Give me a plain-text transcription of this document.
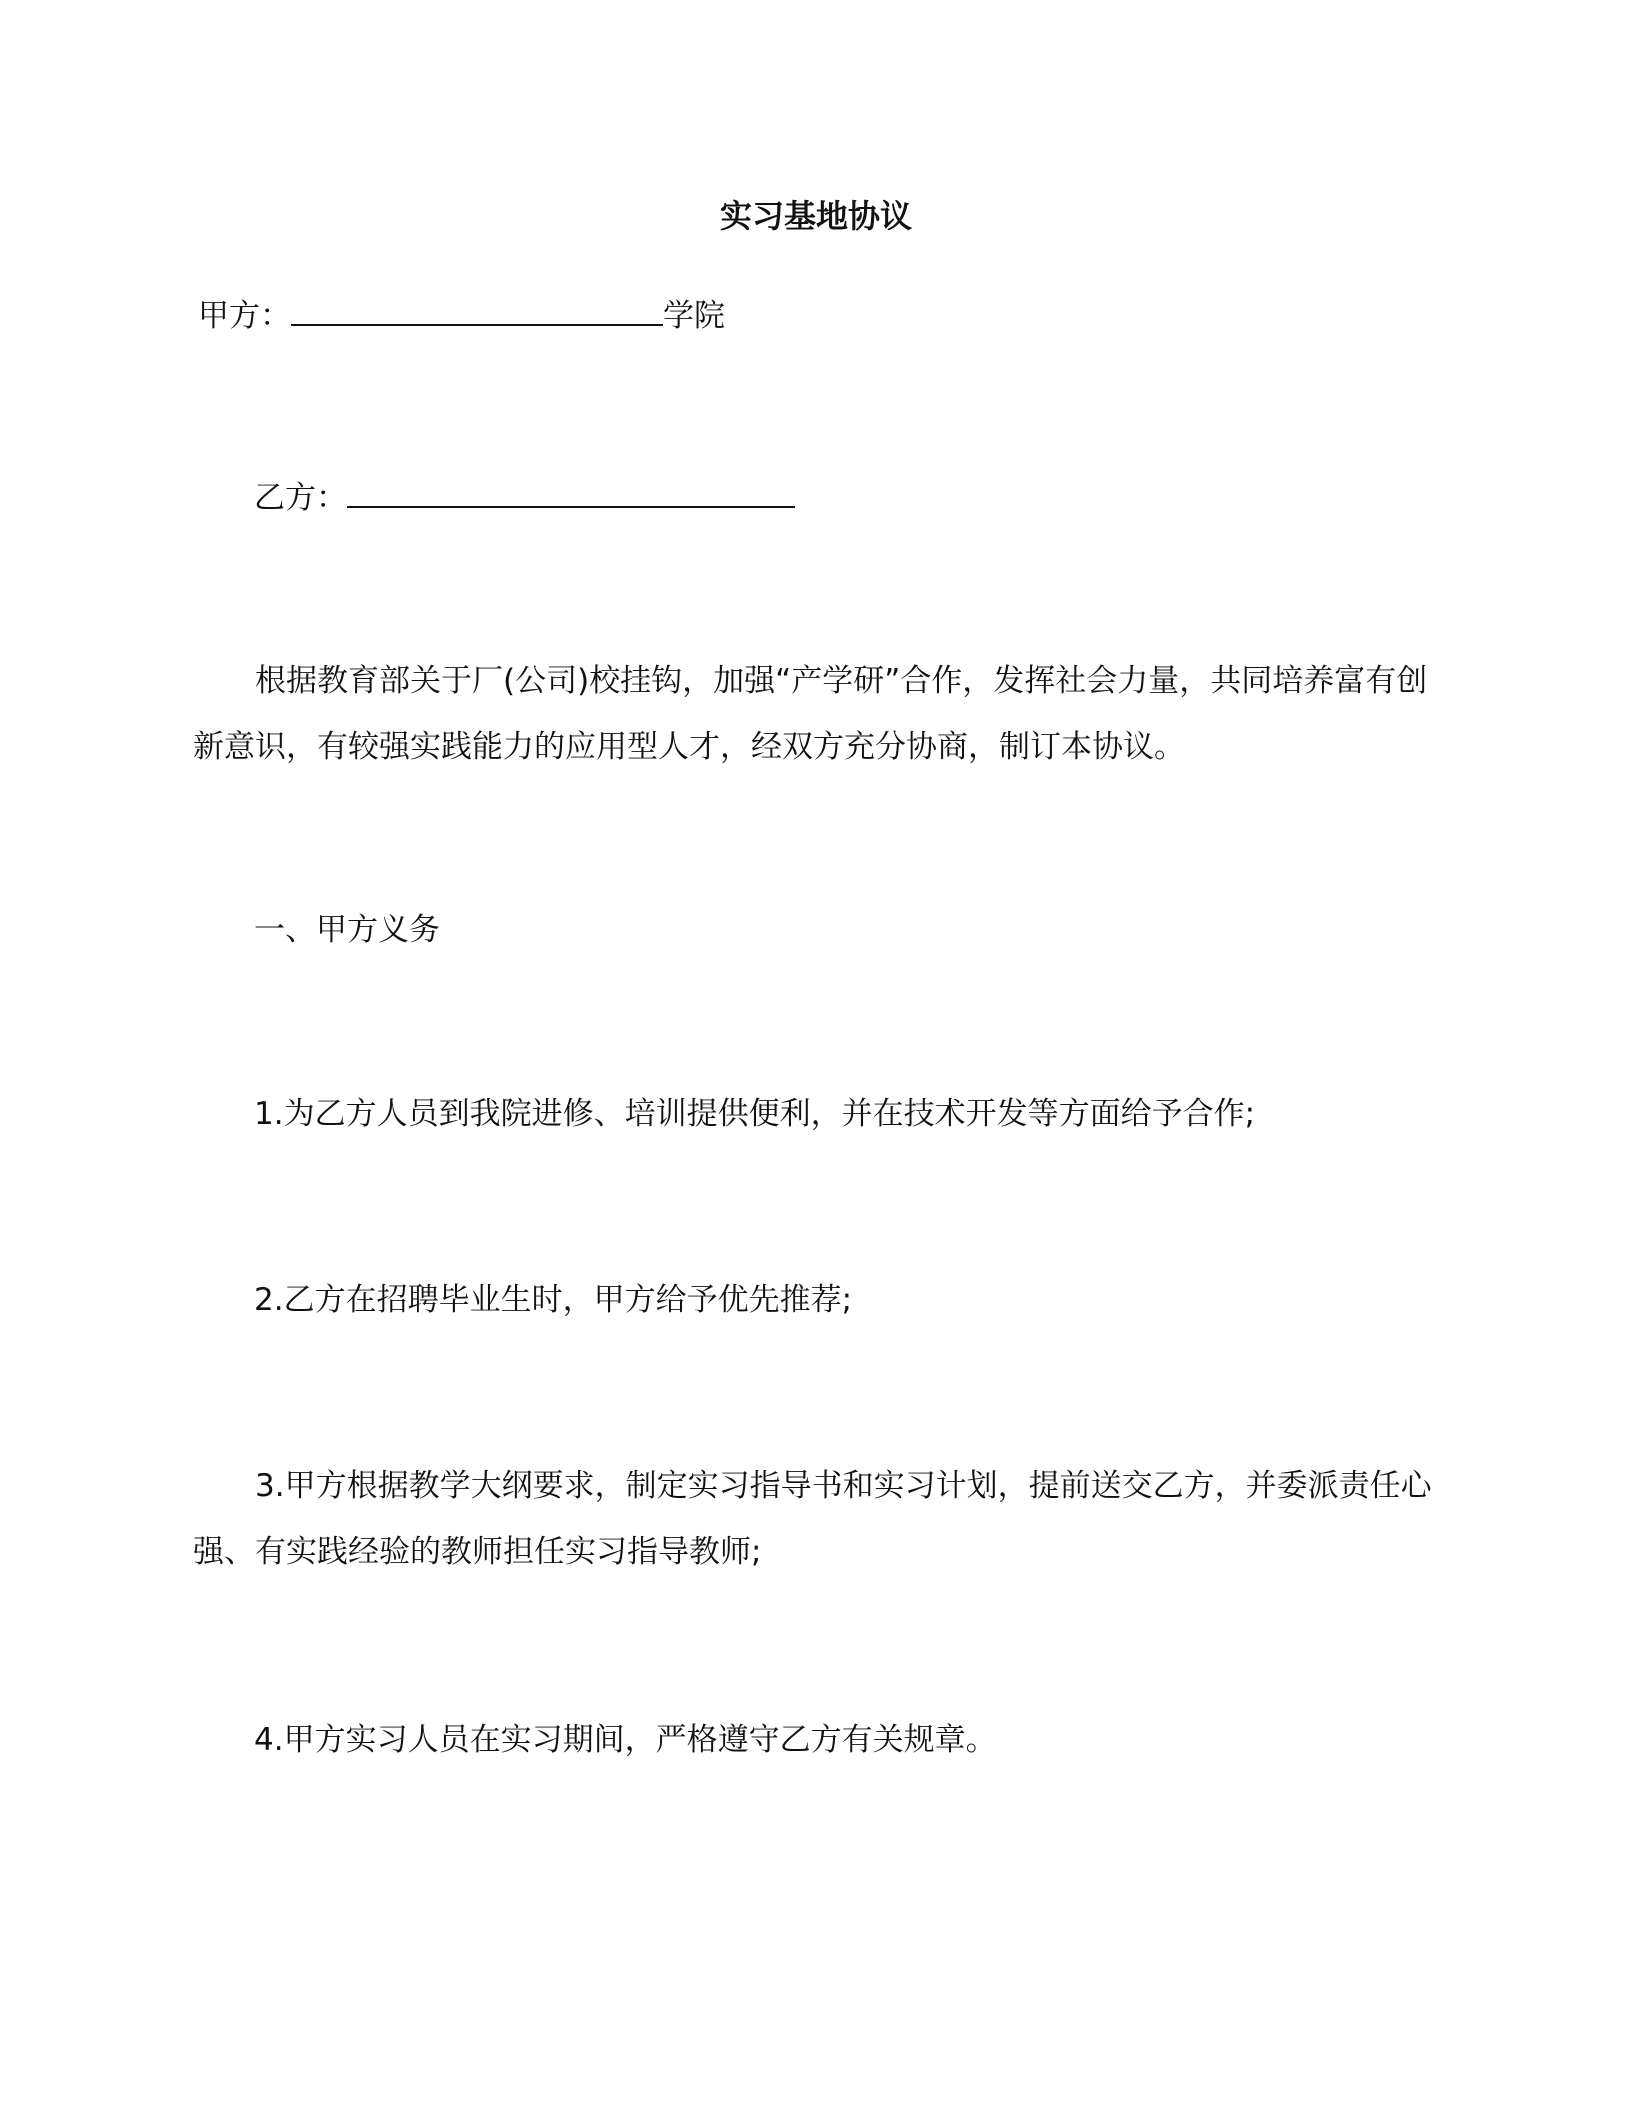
实习基地协议
甲方：	学院
乙方：
根据教育部关于厂(公司)校挂钩，加强“产学研”合作，发挥社会力量，共同培养富有创新意识，有较强实践能力的应用型人才，经双方充分协商，制订本协议。
一、甲方义务
1.为乙方人员到我院进修、培训提供便利，并在技术开发等方面给予合作;
2.乙方在招聘毕业生时，甲方给予优先推荐;
3.甲方根据教学大纲要求，制定实习指导书和实习计划，提前送交乙方，并委派责任心强、有实践经验的教师担任实习指导教师;
4.甲方实习人员在实习期间，严格遵守乙方有关规章。
